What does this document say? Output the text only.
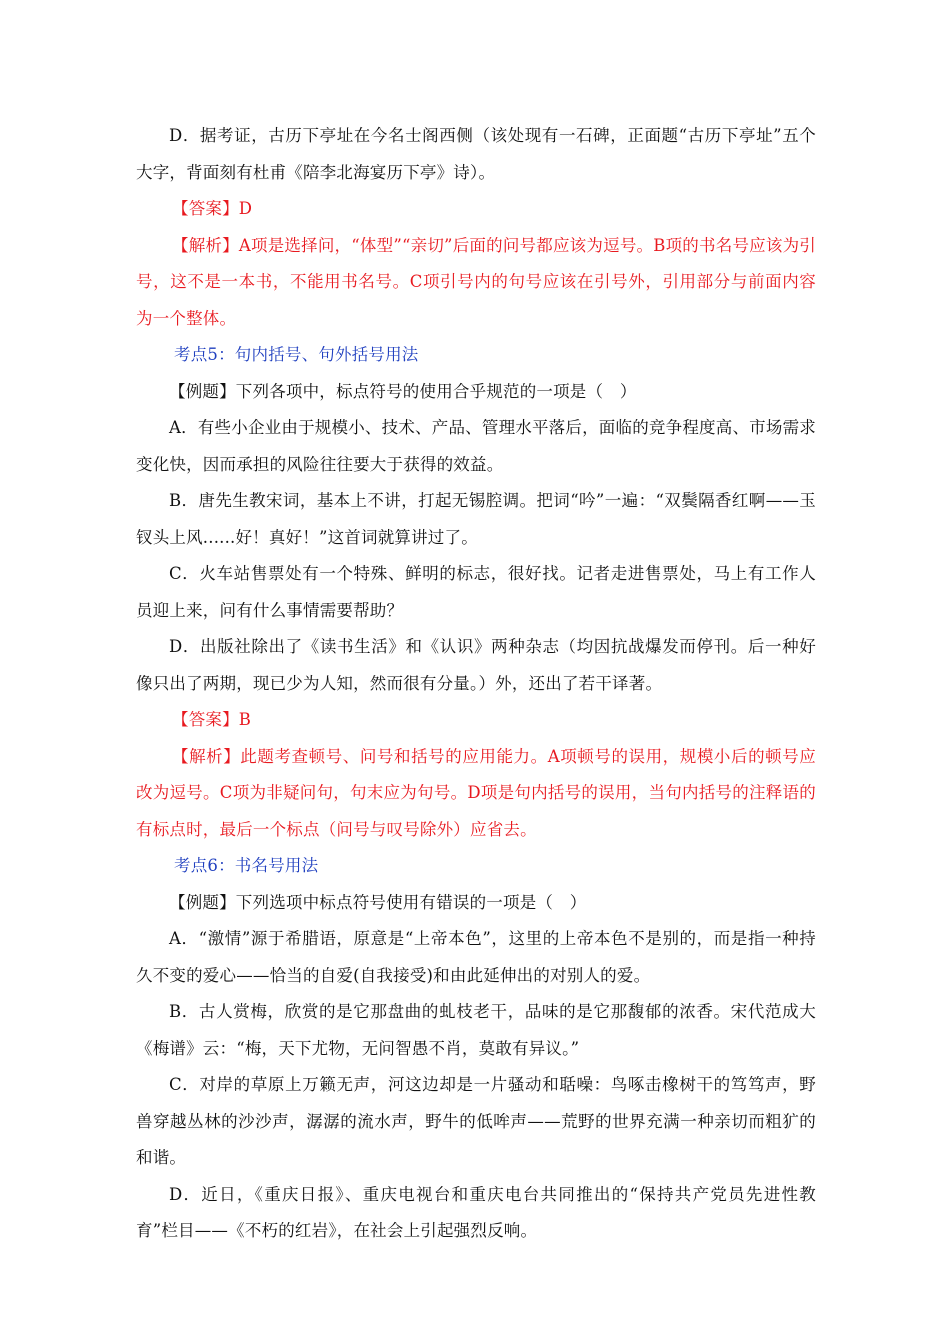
D．据考证，古历下亭址在今名士阁西侧（该处现有一石碑，正面题“古历下亭址”五个大字，背面刻有杜甫《陪李北海宴历下亭》诗）。

【答案】D

【解析】A项是选择问，“体型”“亲切”后面的问号都应该为逗号。B项的书名号应该为引号，这不是一本书，不能用书名号。C项引号内的句号应该在引号外，引用部分与前面内容为一个整体。

考点5：句内括号、句外括号用法

【例题】下列各项中，标点符号的使用合乎规范的一项是（　）

A．有些小企业由于规模小、技术、产品、管理水平落后，面临的竞争程度高、市场需求变化快，因而承担的风险往往要大于获得的效益。

B．唐先生教宋词，基本上不讲，打起无锡腔调。把词“吟”一遍：“双鬓隔香红啊——玉钗头上风......好！真好！”这首词就算讲过了。

C．火车站售票处有一个特殊、鲜明的标志，很好找。记者走进售票处，马上有工作人员迎上来，问有什么事情需要帮助？

D．出版社除出了《读书生活》和《认识》两种杂志（均因抗战爆发而停刊。后一种好像只出了两期，现已少为人知，然而很有分量。）外，还出了若干译著。

【答案】B

【解析】此题考查顿号、问号和括号的应用能力。A项顿号的误用，规模小后的顿号应改为逗号。C项为非疑问句，句末应为句号。D项是句内括号的误用，当句内括号的注释语的有标点时，最后一个标点（问号与叹号除外）应省去。

考点6：书名号用法

【例题】下列选项中标点符号使用有错误的一项是（　）

A．“激情”源于希腊语，原意是“上帝本色”，这里的上帝本色不是别的，而是指一种持久不变的爱心——恰当的自爱(自我接受)和由此延伸出的对别人的爱。

B．古人赏梅，欣赏的是它那盘曲的虬枝老干，品味的是它那馥郁的浓香。宋代范成大《梅谱》云：“梅，天下尤物，无问智愚不肖，莫敢有异议。”

C．对岸的草原上万籁无声，河这边却是一片骚动和聒噪：鸟啄击橡树干的笃笃声，野兽穿越丛林的沙沙声，潺潺的流水声，野牛的低哞声——荒野的世界充满一种亲切而粗犷的和谐。

D．近日，《重庆日报》、重庆电视台和重庆电台共同推出的“保持共产党员先进性教育”栏目——《不朽的红岩》，在社会上引起强烈反响。
